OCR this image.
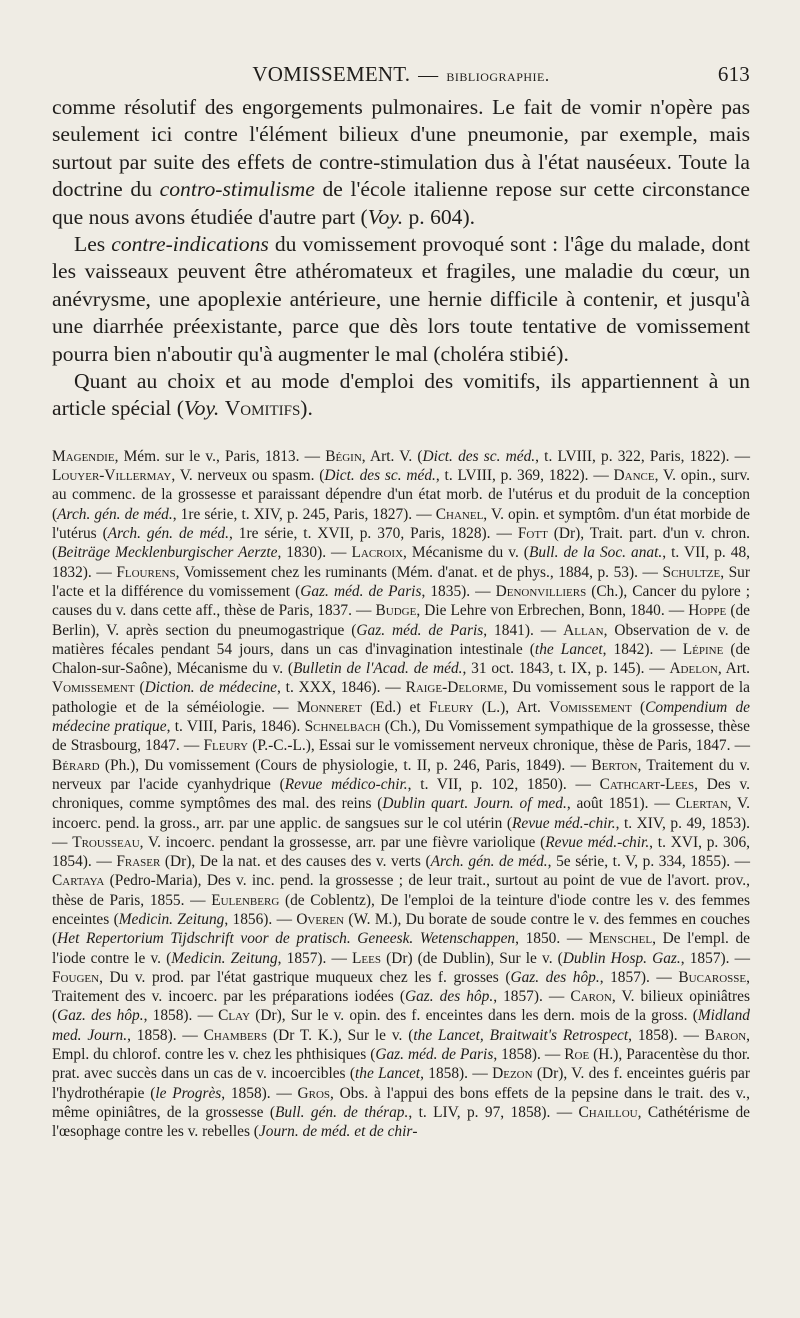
VOMISSEMENT. — bibliographie.	613

comme résolutif des engorgements pulmonaires. Le fait de vomir n'opère pas seulement ici contre l'élément bilieux d'une pneumonie, par exemple, mais surtout par suite des effets de contre-stimulation dus à l'état nauséeux. Toute la doctrine du contro-stimulisme de l'école italienne repose sur cette circonstance que nous avons étudiée d'autre part (Voy. p. 604).

Les contre-indications du vomissement provoqué sont : l'âge du malade, dont les vaisseaux peuvent être athéromateux et fragiles, une maladie du cœur, un anévrysme, une apoplexie antérieure, une hernie difficile à contenir, et jusqu'à une diarrhée préexistante, parce que dès lors toute tentative de vomissement pourra bien n'aboutir qu'à augmenter le mal (choléra stibié).

Quant au choix et au mode d'emploi des vomitifs, ils appartiennent à un article spécial (Voy. Vomitifs).

Magendie, Mém. sur le v., Paris, 1813. — Bégin, Art. V. (Dict. des sc. méd., t. LVIII, p. 322, Paris, 1822). —Louyer-Villermay, V. nerveux ou spasm. (Dict. des sc. méd., t. LVIII, p. 369, 1822). — Dance, V. opin., surv. au commenc. de la grossesse et paraissant dépendre d'un état morb. de l'utérus et du produit de la conception (Arch. gén. de méd., 1re série, t. XIV, p. 245, Paris, 1827). — Chanel, V. opin. et symptôm. d'un état morbide de l'utérus (Arch. gén. de méd., 1re série, t. XVII, p. 370, Paris, 1828). — Fott (Dr), Trait. part. d'un v. chron. (Beiträge Mecklenburgischer Aerzte, 1830). — Lacroix, Mécanisme du v. (Bull. de la Soc. anat., t. VII, p. 48, 1832). — Flourens, Vomissement chez les ruminants (Mém. d'anat. et de phys., 1884, p. 53). — Schultze, Sur l'acte et la différence du vomissement (Gaz. méd. de Paris, 1835). — Denonvilliers (Ch.), Cancer du pylore ; causes du v. dans cette aff., thèse de Paris, 1837. — Budge, Die Lehre von Erbrechen, Bonn, 1840. — Hoppe (de Berlin), V. après section du pneumogastrique (Gaz. méd. de Paris, 1841). — Allan, Observation de v. de matières fécales pendant 54 jours, dans un cas d'invagination intestinale (the Lancet, 1842). — Lépine (de Chalon-sur-Saône), Mécanisme du v. (Bulletin de l'Acad. de méd., 31 oct. 1843, t. IX, p. 145). — Adelon, Art. Vomissement (Diction. de médecine, t. XXX, 1846). — Raige-Delorme, Du vomissement sous le rapport de la pathologie et de la séméiologie. — Monneret (Ed.) et Fleury (L.), Art. Vomissement (Compendium de médecine pratique, t. VIII, Paris, 1846). Schnelbach (Ch.), Du Vomissement sympathique de la grossesse, thèse de Strasbourg, 1847. — Fleury (P.-C.-L.), Essai sur le vomissement nerveux chronique, thèse de Paris, 1847. — Bérard (Ph.), Du vomissement (Cours de physiologie, t. II, p. 246, Paris, 1849). — Berton, Traitement du v. nerveux par l'acide cyanhydrique (Revue médico-chir., t. VII, p. 102, 1850). — Cathcart-Lees, Des v. chroniques, comme symptômes des mal. des reins (Dublin quart. Journ. of med., août 1851). — Clertan, V. incoerc. pend. la gross., arr. par une applic. de sangsues sur le col utérin (Revue méd.-chir., t. XIV, p. 49, 1853). — Trousseau, V. incoerc. pendant la grossesse, arr. par une fièvre variolique (Revue méd.-chir., t. XVI, p. 306, 1854). — Fraser (Dr), De la nat. et des causes des v. verts (Arch. gén. de méd., 5e série, t. V, p. 334, 1855). — Cartaya (Pedro-Maria), Des v. inc. pend. la grossesse ; de leur trait., surtout au point de vue de l'avort. prov., thèse de Paris, 1855. — Eulenberg (de Coblentz), De l'emploi de la teinture d'iode contre les v. des femmes enceintes (Medicin. Zeitung, 1856). — Overen (W. M.), Du borate de soude contre le v. des femmes en couches (Het Repertorium Tijdschrift voor de pratisch. Geneesk. Wetenschappen, 1850. — Menschel, De l'empl. de l'iode contre le v. (Medicin. Zeitung, 1857). — Lees (Dr) (de Dublin), Sur le v. (Dublin Hosp. Gaz., 1857). — Fougen, Du v. prod. par l'état gastrique muqueux chez les f. grosses (Gaz. des hôp., 1857). — Bucarosse, Traitement des v. incoerc. par les préparations iodées (Gaz. des hôp., 1857). — Caron, V. bilieux opiniâtres (Gaz. des hôp., 1858). — Clay (Dr), Sur le v. opin. des f. enceintes dans les dern. mois de la gross. (Midland med. Journ., 1858). — Chambers (Dr T. K.), Sur le v. (the Lancet, Braitwait's Retrospect, 1858). — Baron, Empl. du chlorof. contre les v. chez les phthisiques (Gaz. méd. de Paris, 1858). — Roe (H.), Paracentèse du thor. prat. avec succès dans un cas de v. incoercibles (the Lancet, 1858). — Dezon (Dr), V. des f. enceintes guéris par l'hydrothérapie (le Progrès, 1858). — Gros, Obs. à l'appui des bons effets de la pepsine dans le trait. des v., même opiniâtres, de la grossesse (Bull. gén. de thérap., t. LIV, p. 97, 1858). — Chaillou, Cathétérisme de l'œsophage contre les v. rebelles (Journ. de méd. et de chir-
